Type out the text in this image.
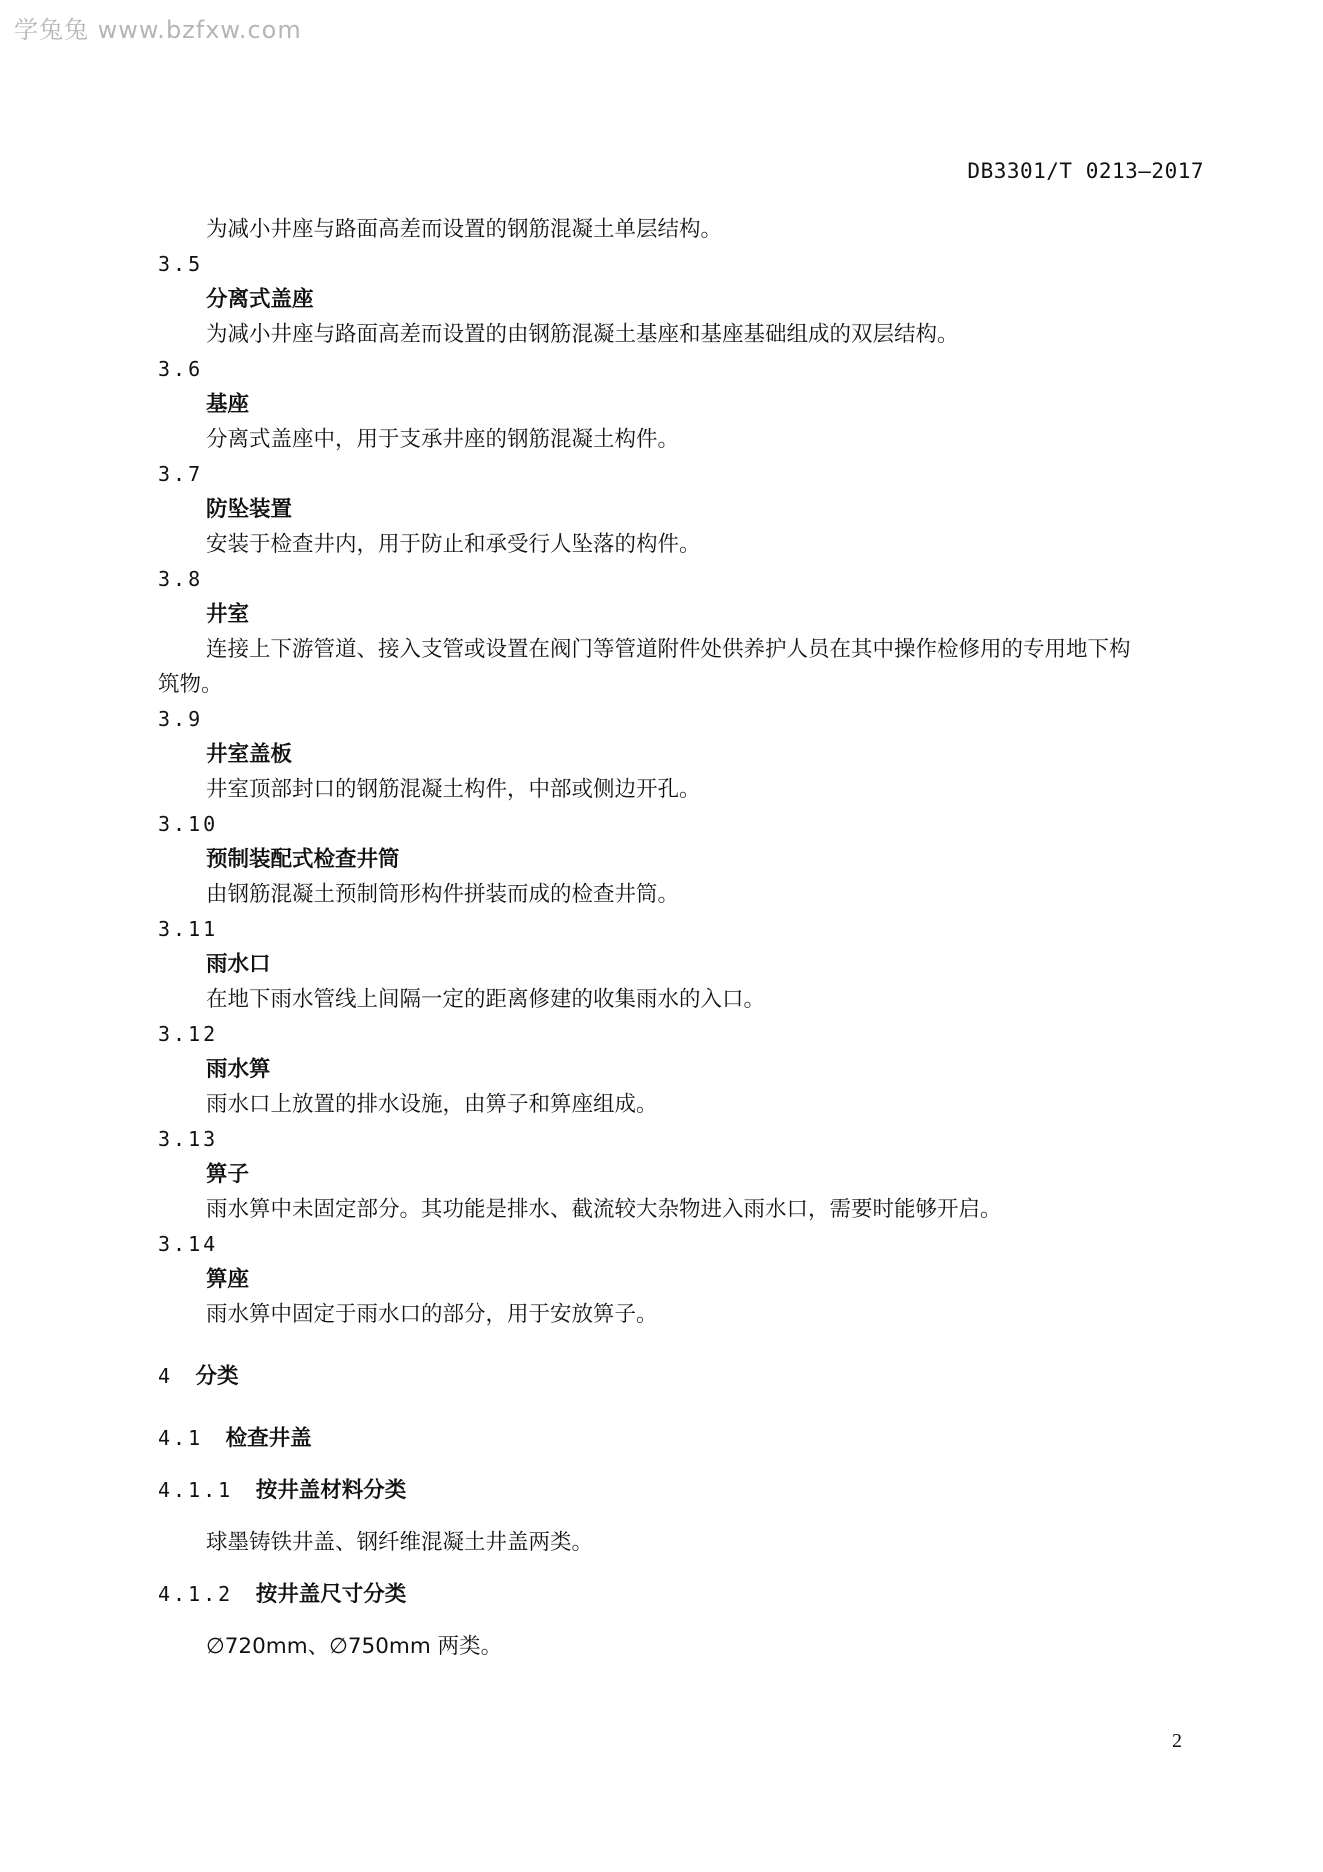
学兔兔 www.bzfxw.com
DB3301/T 0213—2017
为减小井座与路面高差而设置的钢筋混凝土单层结构。
3.5
分离式盖座
为减小井座与路面高差而设置的由钢筋混凝土基座和基座基础组成的双层结构。
3.6
基座
分离式盖座中，用于支承井座的钢筋混凝土构件。
3.7
防坠装置
安装于检查井内，用于防止和承受行人坠落的构件。
3.8
井室
连接上下游管道、接入支管或设置在阀门等管道附件处供养护人员在其中操作检修用的专用地下构
筑物。
3.9
井室盖板
井室顶部封口的钢筋混凝土构件，中部或侧边开孔。
3.10
预制装配式检查井筒
由钢筋混凝土预制筒形构件拼装而成的检查井筒。
3.11
雨水口
在地下雨水管线上间隔一定的距离修建的收集雨水的入口。
3.12
雨水箅
雨水口上放置的排水设施，由箅子和箅座组成。
3.13
箅子
雨水箅中未固定部分。其功能是排水、截流较大杂物进入雨水口，需要时能够开启。
3.14
箅座
雨水箅中固定于雨水口的部分，用于安放箅子。
4 分类
4.1 检查井盖
4.1.1 按井盖材料分类
球墨铸铁井盖、钢纤维混凝土井盖两类。
4.1.2 按井盖尺寸分类
∅720mm、∅750mm 两类。
2
